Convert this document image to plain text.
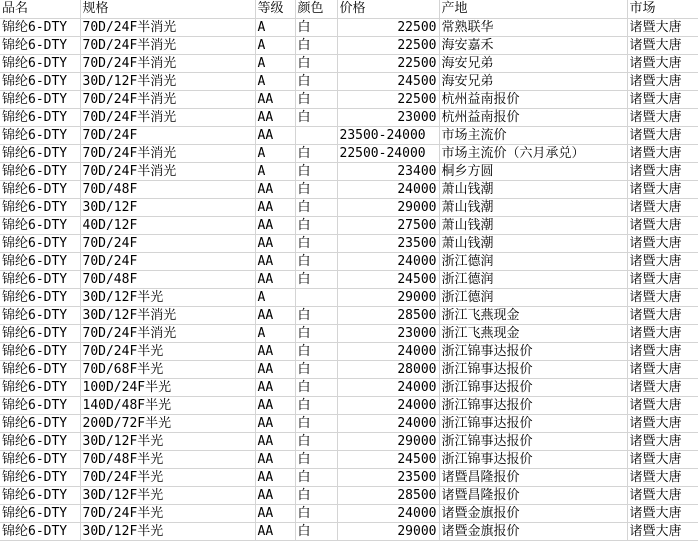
品名	规格	等级	颜色	价格	产地	市场
锦纶6-DTY	70D/24F半消光	A	白	22500	常熟联华	诸暨大唐
锦纶6-DTY	70D/24F半消光	A	白	22500	海安嘉禾	诸暨大唐
锦纶6-DTY	70D/24F半消光	A	白	22500	海安兄弟	诸暨大唐
锦纶6-DTY	30D/12F半消光	A	白	24500	海安兄弟	诸暨大唐
锦纶6-DTY	70D/24F半消光	AA	白	22500	杭州益南报价	诸暨大唐
锦纶6-DTY	70D/24F半消光	AA	白	23000	杭州益南报价	诸暨大唐
锦纶6-DTY	70D/24F	AA		23500-24000	市场主流价	诸暨大唐
锦纶6-DTY	70D/24F半消光	A	白	22500-24000	市场主流价（六月承兑）	诸暨大唐
锦纶6-DTY	70D/24F半消光	A	白	23400	桐乡方圆	诸暨大唐
锦纶6-DTY	70D/48F	AA	白	24000	萧山钱潮	诸暨大唐
锦纶6-DTY	30D/12F	AA	白	29000	萧山钱潮	诸暨大唐
锦纶6-DTY	40D/12F	AA	白	27500	萧山钱潮	诸暨大唐
锦纶6-DTY	70D/24F	AA	白	23500	萧山钱潮	诸暨大唐
锦纶6-DTY	70D/24F	AA	白	24000	浙江德润	诸暨大唐
锦纶6-DTY	70D/48F	AA	白	24500	浙江德润	诸暨大唐
锦纶6-DTY	30D/12F半光	A		29000	浙江德润	诸暨大唐
锦纶6-DTY	30D/12F半消光	AA	白	28500	浙江飞燕现金	诸暨大唐
锦纶6-DTY	70D/24F半消光	A	白	23000	浙江飞燕现金	诸暨大唐
锦纶6-DTY	70D/24F半光	AA	白	24000	浙江锦事达报价	诸暨大唐
锦纶6-DTY	70D/68F半光	AA	白	28000	浙江锦事达报价	诸暨大唐
锦纶6-DTY	100D/24F半光	AA	白	24000	浙江锦事达报价	诸暨大唐
锦纶6-DTY	140D/48F半光	AA	白	24000	浙江锦事达报价	诸暨大唐
锦纶6-DTY	200D/72F半光	AA	白	24000	浙江锦事达报价	诸暨大唐
锦纶6-DTY	30D/12F半光	AA	白	29000	浙江锦事达报价	诸暨大唐
锦纶6-DTY	70D/48F半光	AA	白	24500	浙江锦事达报价	诸暨大唐
锦纶6-DTY	70D/24F半光	AA	白	23500	诸暨昌隆报价	诸暨大唐
锦纶6-DTY	30D/12F半光	AA	白	28500	诸暨昌隆报价	诸暨大唐
锦纶6-DTY	70D/24F半光	AA	白	24000	诸暨金旗报价	诸暨大唐
锦纶6-DTY	30D/12F半光	AA	白	29000	诸暨金旗报价	诸暨大唐
